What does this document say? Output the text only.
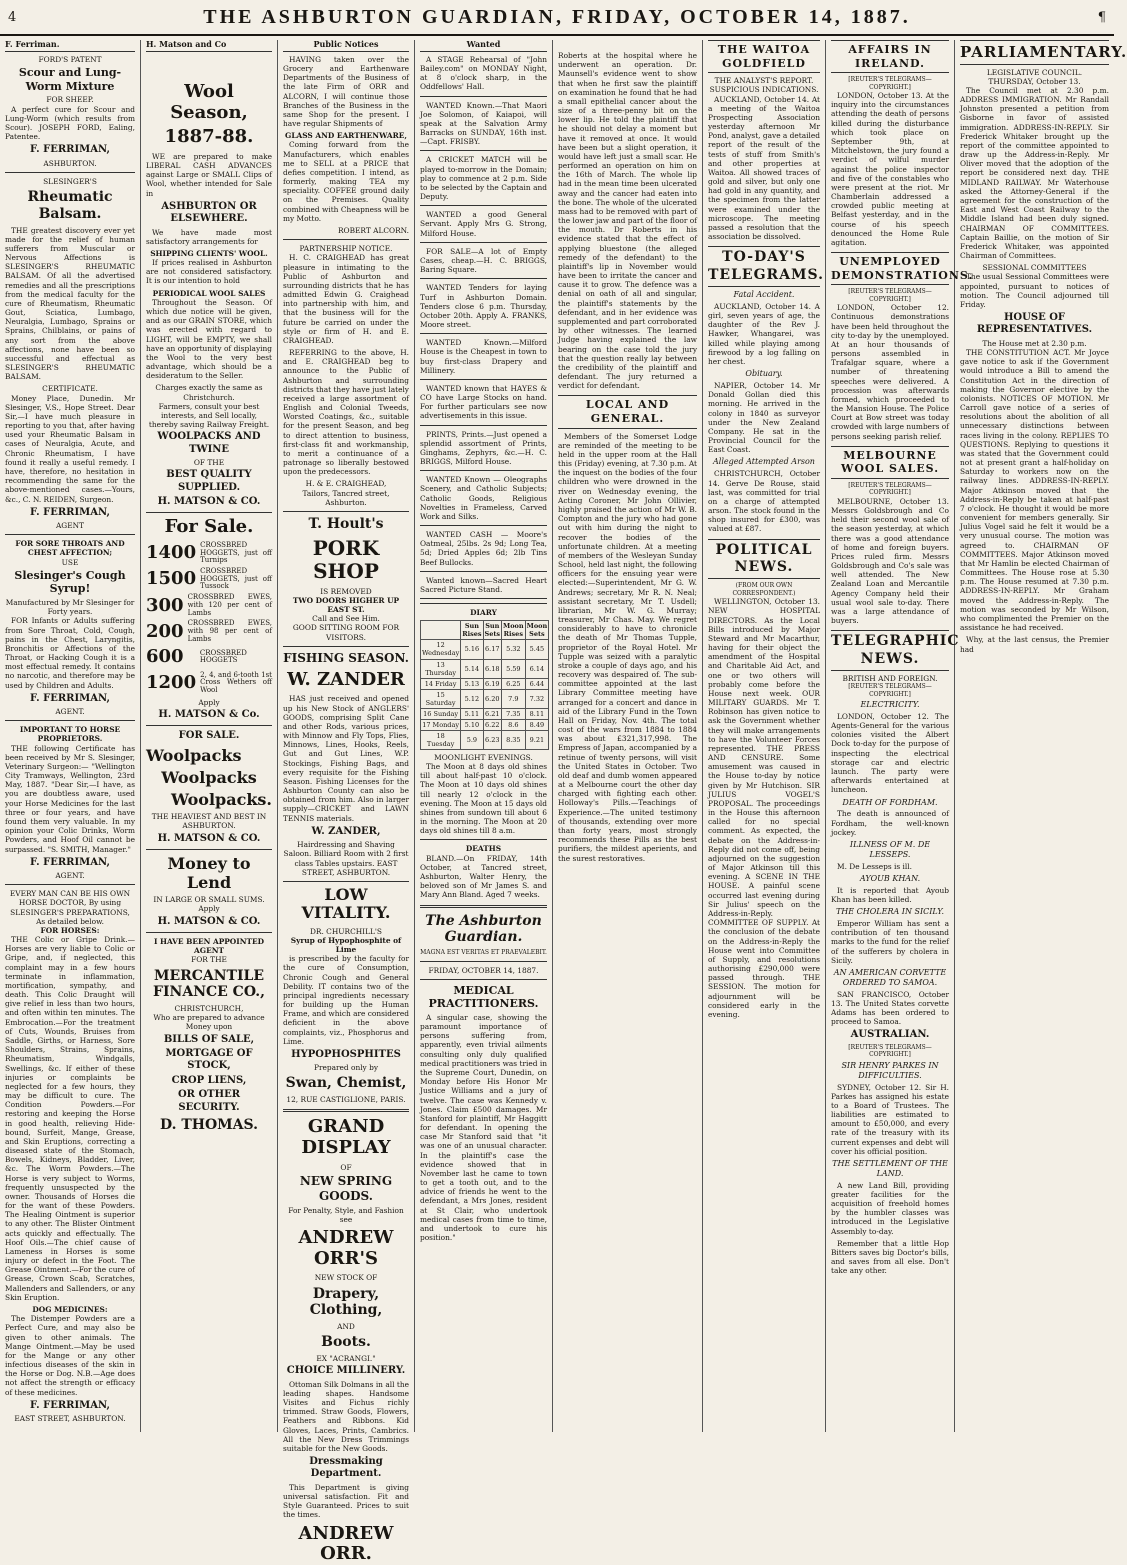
4	THE ASHBURTON GUARDIAN, FRIDAY, OCTOBER 14, 1887.	¶
F. Ferriman.
FORD'S PATENT
Scour and Lung-Worm Mixture
FOR SHEEP.

A perfect cure for Scour and Lung-Worm (which results from Scour). JOSEPH FORD, Ealing, Patentee.

F. FERRIMAN,
ASHBURTON.
SLESINGER'S
Rheumatic Balsam.

THE greatest discovery ever yet made for the relief of human sufferers from Muscular or Nervous Affections is SLESINGER'S RHEUMATIC BALSAM. Of all the advertised remedies and all the prescriptions from the medical faculty for the cure of Rheumatism, Rheumatic Gout, Sciatica, Lumbago, Neuralgia, Lumbago, Sprains or Sprains, Chilblains, or pains of any sort from the above affections, none have been so successful and effectual as SLESINGER'S RHEUMATIC BALSAM.

CERTIFICATE.

Money Place, Dunedin. Mr Slesinger, V.S., Hope Street. Dear Sir,—I have much pleasure in reporting to you that, after having used your Rheumatic Balsam in cases of Neuralgia, Acute, and Chronic Rheumatism, I have found it really a useful remedy. I have, therefore, no hesitation in recommending the same for the above-mentioned cases.—Yours, &c., C. N. REIDEN, Surgeon.

F. FERRIMAN,
AGENT
FOR SORE THROATS AND CHEST AFFECTION;
USE
Slesinger's Cough Syrup!
Manufactured by Mr Slesinger for Forty years.

FOR Infants or Adults suffering from Sore Throat, Cold, Cough, pains in the Chest, Laryngitis, Bronchitis or Affections of the Throat, or Hacking Cough it is a most effectual remedy. It contains no narcotic, and therefore may be used by Children and Adults.

F. FERRIMAN,
AGENT.
IMPORTANT TO HORSE PROPRIETORS.

THE following Certificate has been received by Mr S. Slesinger, Veterinary Surgeon:— "Wellington City Tramways, Wellington, 23rd May, 1887. "Dear Sir,—I have, as you are doubtless aware, used your Horse Medicines for the last three or four years, and have found them very valuable. In my opinion your Colic Drinks, Worm Powders, and Hoof Oil cannot be surpassed. "S. SMITH, Manager."

F. FERRIMAN,
AGENT.
EVERY MAN CAN BE HIS OWN HORSE DOCTOR, By using SLESINGER'S PREPARATIONS, As detailed below.
FOR HORSES:

THE Colic or Gripe Drink.—Horses are very liable to Colic or Gripe, and, if neglected, this complaint may in a few hours terminate in inflammation, mortification, sympathy, and death. This Colic Draught will give relief in less than two hours, and often within ten minutes. The Embrocation.—For the treatment of Cuts, Wounds, Bruises from Saddle, Girths, or Harness, Sore Shoulders, Strains, Sprains, Rheumatism, Windgalls, Swellings, &c. If either of these injuries or complaints be neglected for a few hours, they may be difficult to cure. The Condition Powders.—For restoring and keeping the Horse in good health, relieving Hide-bound, Surfeit, Mange, Grease, and Skin Eruptions, correcting a diseased state of the Stomach, Bowels, Kidneys, Bladder, Liver, &c. The Worm Powders.—The Horse is very subject to Worms, frequently unsuspected by the owner. Thousands of Horses die for the want of these Powders. The Healing Ointment is superior to any other. The Blister Ointment acts quickly and effectually. The Hoof Oils.—The chief cause of Lameness in Horses is some injury or defect in the Foot. The Grease Ointment.—For the cure of Grease, Crown Scab, Scratches, Mallenders and Sallenders, or any Skin Eruption.

DOG MEDICINES:

The Distemper Powders are a Perfect Cure, and may also be given to other animals. The Mange Ointment.—May be used for the Mange or any other infectious diseases of the skin in the Horse or Dog. N.B.—Age does not affect the strength or efficacy of these medicines.

F. FERRIMAN,
EAST STREET, ASHBURTON.
H. Matson and Co
Wool Season,
1887-88.

WE are prepared to make LIBERAL CASH ADVANCES against Large or SMALL Clips of Wool, whether intended for Sale in

ASHBURTON OR ELSEWHERE.

We have made most satisfactory arrangements for

SHIPPING CLIENTS' WOOL.

If prices realised in Ashburton are not considered satisfactory. It is our intention to hold

PERIODICAL WOOL SALES

Throughout the Season. Of which due notice will be given, and as our GRAIN STORE, which was erected with regard to LIGHT, will be EMPTY, we shall have an opportunity of displaying the Wool to the very best advantage, which should be a desideratum to the Seller.

Charges exactly the same as Christchurch.
Farmers, consult your best interests, and Sell locally, thereby saving Railway Freight.
WOOLPACKS AND TWINE
OF THE
BEST QUALITY SUPPLIED.
H. MATSON & CO.
For Sale.
1400 CROSSBRED HOGGETS, just off Turnips
1500 CROSSBRED HOGGETS, just off Tussock
300 CROSSBRED EWES, with 120 per cent of Lambs
200 CROSSBRED EWES, with 98 per cent of Lambs
600	CROSSBRED HOGGETS
1200 2, 4, and 6-tooth 1st Cross Wethers off Wool
Apply
H. MATSON & Co.
FOR SALE.
Woolpacks
Woolpacks
Woolpacks.
THE HEAVIEST AND BEST IN ASHBURTON.
H. MATSON & CO.
Money to Lend
IN LARGE OR SMALL SUMS.
Apply
H. MATSON & CO.
I HAVE BEEN APPOINTED AGENT
FOR THE
MERCANTILE FINANCE CO.,
CHRISTCHURCH,
Who are prepared to advance Money upon
BILLS OF SALE,
MORTGAGE OF STOCK,
CROP LIENS,
OR OTHER SECURITY.
D. THOMAS.
Public Notices

HAVING taken over the Grocery and Earthenware Departments of the Business of the late Firm of ORR and ALCORN, I will continue those Branches of the Business in the same Shop for the present. I have regular Shipments of

GLASS AND EARTHENWARE,

Coming forward from the Manufacturers, which enables me to SELL at a PRICE that defies competition. I intend, as formerly, making TEA my speciality. COFFEE ground daily on the Premises. Quality combined with Cheapness will be my Motto.

ROBERT ALCORN.
PARTNERSHIP NOTICE.

H. C. CRAIGHEAD has great pleasure in intimating to the Public of Ashburton and surrounding districts that he has admitted Edwin G. Craighead into partnership with him, and that the business will for the future be carried on under the style or firm of H. and E. CRAIGHEAD.

REFERRING to the above, H. and E. CRAIGHEAD beg to announce to the Public of Ashburton and surrounding districts that they have just lately received a large assortment of English and Colonial Tweeds, Worsted Coatings, &c., suitable for the present Season, and beg to direct attention to business, first-class fit and workmanship, to merit a continuance of a patronage so liberally bestowed upon the predecessors.

H. & E. CRAIGHEAD,
Tailors, Tancred street, Ashburton.
T. Hoult's
PORK SHOP
IS REMOVED
TWO DOORS HIGHER UP EAST ST.
Call and See Him.
GOOD SITTING ROOM FOR VISITORS.
FISHING SEASON.
W. ZANDER

HAS just received and opened up his New Stock of ANGLERS' GOODS, comprising Split Cane and other Rods, various prices, with Minnow and Fly Tops, Flies, Minnows, Lines, Hooks, Reels, Gut and Gut Lines, W.P. Stockings, Fishing Bags, and every requisite for the Fishing Season. Fishing Licenses for the Ashburton County can also be obtained from him. Also in larger supply—CRICKET and LAWN TENNIS materials.

W. ZANDER,
Hairdressing and Shaving Saloon. Billiard Room with 2 first class Tables upstairs. EAST STREET, ASHBURTON.
LOW VITALITY.
DR. CHURCHILL'S
Syrup of Hypophosphite of Lime

is prescribed by the faculty for the cure of Consumption, Chronic Cough and General Debility. IT contains two of the principal ingredients necessary for building up the Human Frame, and which are considered deficient in the above complaints, viz., Phosphorus and Lime.

HYPOPHOSPHITES
Prepared only by
Swan, Chemist,
12, RUE CASTIGLIONE, PARIS.
GRAND DISPLAY
OF
NEW SPRING GOODS.
For Penalty, Style, and Fashion see
ANDREW ORR'S
NEW STOCK OF
Drapery, Clothing,
AND
Boots.
EX "ACRANGI."
CHOICE MILLINERY.

Ottoman Silk Dolmans in all the leading shapes. Handsome Visites and Fichus richly trimmed. Straw Goods, Flowers, Feathers and Ribbons. Kid Gloves, Laces, Prints, Cambrics. All the New Dress Trimmings suitable for the New Goods.

Dressmaking Department.

This Department is giving universal satisfaction. Fit and Style Guaranteed. Prices to suit the times.

ANDREW ORR.
Wanted

A STAGE Rehearsal of "John Bailey.com" on MONDAY Night, at 8 o'clock sharp, in the Oddfellows' Hall.

WANTED Known.—That Maori Joe Solomon, of Kaiapoi, will speak at the Salvation Army Barracks on SUNDAY, 16th inst.—Capt. FRISBY.

A CRICKET MATCH will be played to-morrow in the Domain; play to commence at 2 p.m. Side to be selected by the Captain and Deputy.

WANTED a good General Servant. Apply Mrs G. Strong, Milford House.

FOR SALE—A lot of Empty Cases, cheap.—H. C. BRIGGS, Baring Square.

WANTED Tenders for laying Turf in Ashburton Domain. Tenders close 6 p.m. Thursday, October 20th. Apply A. FRANKS, Moore street.

WANTED Known.—Milford House is the Cheapest in town to buy first-class Drapery and Millinery.

WANTED known that HAYES & CO have Large Stocks on hand. For further particulars see now advertisements in this issue.

PRINTS, Prints.—Just opened a splendid assortment of Prints, Ginghams, Zephyrs, &c.—H. C. BRIGGS, Milford House.

WANTED Known — Oleographs Scenery, and Catholic Subjects; Catholic Goods, Religious Novelties in Frameless, Carved Work and Silks.

WANTED CASH — Moore's Oatmeal, 25lbs. 2s 9d; Long Tea, 5d; Dried Apples 6d; 2lb Tins Beef Bullocks.

Wanted known—Sacred Heart Sacred Picture Stand.

DIARY
	Sun Rises	Sun Sets	Moon Rises	Moon Sets
12 Wednesday	5.16	6.17	5.32	5.45
13 Thursday	5.14	6.18	5.59	6.14
14 Friday	5.13	6.19	6.25	6.44
15 Saturday	5.12	6.20	7.9	7.32
16 Sunday	5.11	6.21	7.35	8.11
17 Monday	5.10	6.22	8.6	8.49
18 Tuesday	5.9	6.23	8.35	9.21
MOONLIGHT EVENINGS.

The Moon at 8 days old shines till about half-past 10 o'clock. The Moon at 10 days old shines till nearly 12 o'clock in the evening. The Moon at 15 days old shines from sundown till about 6 in the morning. The Moon at 20 days old shines till 8 a.m.

DEATHS

BLAND.—On FRIDAY, 14th October, at Tancred street, Ashburton, Walter Henry, the beloved son of Mr James S. and Mary Ann Bland. Aged 7 weeks.

The Ashburton Guardian.
MAGNA EST VERITAS ET PRAEVALEBIT.
FRIDAY, OCTOBER 14, 1887.
MEDICAL PRACTITIONERS.

A singular case, showing the paramount importance of persons suffering from, apparently, even trivial ailments consulting only duly qualified medical practitioners was tried in the Supreme Court, Dunedin, on Monday before His Honor Mr Justice Williams and a jury of twelve. The case was Kennedy v. Jones. Claim £500 damages. Mr Stanford for plaintiff, Mr Haggitt for defendant. In opening the case Mr Stanford said that "it was one of an unusual character. In the plaintiff's case the evidence showed that in November last he came to town to get a tooth out, and to the advice of friends he went to the defendant, a Mrs Jones, resident at St Clair, who undertook medical cases from time to time, and undertook to cure his position."

Roberts at the hospital where he underwent an operation. Dr. Maunsell's evidence went to show that when he first saw the plaintiff on examination he found that he had a small epithelial cancer about the size of a three-penny bit on the lower lip. He told the plaintiff that he should not delay a moment but have it removed at once. It would have been but a slight operation, it would have left just a small scar. He performed an operation on him on the 16th of March. The whole lip had in the mean time been ulcerated away and the cancer had eaten into the bone. The whole of the ulcerated mass had to be removed with part of the lower jaw and part of the floor of the mouth. Dr Roberts in his evidence stated that the effect of applying bluestone (the alleged remedy of the defendant) to the plaintiff's lip in November would have been to irritate the cancer and cause it to grow. The defence was a denial on oath of all and singular, the plaintiff's statements by the defendant, and in her evidence was supplemented and part corroborated by other witnesses. The learned Judge having explained the law bearing on the case told the jury that the question really lay between the credibility of the plaintiff and defendant. The jury returned a verdict for defendant.

LOCAL AND GENERAL.

Members of the Somerset Lodge are reminded of the meeting to be held in the upper room at the Hall this (Friday) evening, at 7.30 p.m. At the inquest on the bodies of the four children who were drowned in the river on Wednesday evening, the Acting Coroner, Mr John Ollivier, highly praised the action of Mr W. B. Compton and the jury who had gone out with him during the night to recover the bodies of the unfortunate children. At a meeting of members of the Wesleyan Sunday School, held last night, the following officers for the ensuing year were elected:—Superintendent, Mr G. W. Andrews; secretary, Mr R. N. Neal; assistant secretary, Mr T. Usdell; librarian, Mr W. G. Murray; treasurer, Mr Chas. May. We regret considerably to have to chronicle the death of Mr Thomas Tupple, proprietor of the Royal Hotel. Mr Tupple was seized with a paralytic stroke a couple of days ago, and his recovery was despaired of. The sub-committee appointed at the last Library Committee meeting have arranged for a concert and dance in aid of the Library Fund in the Town Hall on Friday, Nov. 4th. The total cost of the wars from 1884 to 1884 was about £321,317,998. The Empress of Japan, accompanied by a retinue of twenty persons, will visit the United States in October. Two old deaf and dumb women appeared at a Melbourne court the other day charged with fighting each other. Holloway's Pills.—Teachings of Experience.—The united testimony of thousands, extending over more than forty years, most strongly recommends these Pills as the best purifiers, the mildest aperients, and the surest restoratives.

THE WAITOA GOLDFIELD
THE ANALYST'S REPORT.
SUSPICIOUS INDICATIONS.

AUCKLAND, October 14. At a meeting of the Waitoa Prospecting Association yesterday afternoon Mr Pond, analyst, gave a detailed report of the result of the tests of stuff from Smith's and other properties at Waitoa. All showed traces of gold and silver, but only one had gold in any quantity, and the specimen from the latter were examined under the microscope. The meeting passed a resolution that the association be dissolved.

TO-DAY'S TELEGRAMS.
Fatal Accident.

AUCKLAND, October 14. A girl, seven years of age, the daughter of the Rev J. Hawker, Whangarei, was killed while playing among firewood by a log falling on her chest.

Obituary.

NAPIER, October 14. Mr Donald Gollan died this morning. He arrived in the colony in 1840 as surveyor under the New Zealand Company. He sat in the Provincial Council for the East Coast.

Alleged Attempted Arson

CHRISTCHURCH, October 14. Gerve De Rouse, staid last, was committed for trial on a charge of attempted arson. The stock found in the shop insured for £300, was valued at £87.

POLITICAL NEWS.
(FROM OUR OWN CORRESPONDENT.)

WELLINGTON, October 13. NEW HOSPITAL DIRECTORS. As the Local Bills introduced by Major Steward and Mr Macarthur, having for their object the amendment of the Hospital and Charitable Aid Act, and one or two others will probably come before the House next week. OUR MILITARY GUARDS. Mr T. Robinson has given notice to ask the Government whether they will make arrangements to have the Volunteer Forces represented. THE PRESS AND CENSURE. Some amusement was caused in the House to-day by notice given by Mr Hutchison. SIR JULIUS VOGEL'S PROPOSAL. The proceedings in the House this afternoon called for no special comment. As expected, the debate on the Address-in-Reply did not come off, being adjourned on the suggestion of Major Atkinson till this evening. A SCENE IN THE HOUSE. A painful scene occurred last evening during Sir Julius' speech on the Address-in-Reply. COMMITTEE OF SUPPLY. At the conclusion of the debate on the Address-in-Reply the House went into Committee of Supply, and resolutions authorising £290,000 were passed through. THE SESSION. The motion for adjournment will be considered early in the evening.

AFFAIRS IN IRELAND.
[REUTER'S TELEGRAMS—COPYRIGHT.]

LONDON, October 13. At the inquiry into the circumstances attending the death of persons killed during the disturbance which took place on September 9th, at Mitchelstown, the jury found a verdict of wilful murder against the police inspector and five of the constables who were present at the riot. Mr Chamberlain addressed a crowded public meeting at Belfast yesterday, and in the course of his speech denounced the Home Rule agitation.

UNEMPLOYED DEMONSTRATIONS.
[REUTER'S TELEGRAMS—COPYRIGHT.]

LONDON, October 12. Continuous demonstrations have been held throughout the city to-day by the unemployed. At an hour thousands of persons assembled in Trafalgar square, where a number of threatening speeches were delivered. A procession was afterwards formed, which proceeded to the Mansion House. The Police Court at Bow street was today crowded with large numbers of persons seeking parish relief.

MELBOURNE WOOL SALES.
[REUTER'S TELEGRAMS—COPYRIGHT.]

MELBOURNE, October 13. Messrs Goldsbrough and Co held their second wool sale of the season yesterday, at which there was a good attendance of home and foreign buyers. Prices ruled firm. Messrs Goldsbrough and Co's sale was well attended. The New Zealand Loan and Mercantile Agency Company held their usual wool sale to-day. There was a large attendance of buyers.

TELEGRAPHIC NEWS.
BRITISH AND FOREIGN.
[REUTER'S TELEGRAMS—COPYRIGHT.]
ELECTRICITY.

LONDON, October 12. The Agents-General for the various colonies visited the Albert Dock to-day for the purpose of inspecting the electrical storage car and electric launch. The party were afterwards entertained at luncheon.

DEATH OF FORDHAM.

The death is announced of Fordham, the well-known jockey.

ILLNESS OF M. DE LESSEPS.

M. De Lesseps is ill.

AYOUB KHAN.

It is reported that Ayoub Khan has been killed.

THE CHOLERA IN SICILY.

Emperor William has sent a contribution of ten thousand marks to the fund for the relief of the sufferers by cholera in Sicily.

AN AMERICAN CORVETTE ORDERED TO SAMOA.

SAN FRANCISCO, October 13. The United States corvette Adams has been ordered to proceed to Samoa.

AUSTRALIAN.
[REUTER'S TELEGRAMS—COPYRIGHT.]
SIR HENRY PARKES IN DIFFICULTIES.

SYDNEY, October 12. Sir H. Parkes has assigned his estate to a Board of Trustees. The liabilities are estimated to amount to £50,000, and every rate of the treasury with its current expenses and debt will cover his official position.

THE SETTLEMENT OF THE LAND.

A new Land Bill, providing greater facilities for the acquisition of freehold homes by the humbler classes was introduced in the Legislative Assembly to-day.

Remember that a little Hop Bitters saves big Doctor's bills, and saves from all else. Don't take any other.

PARLIAMENTARY.
LEGISLATIVE COUNCIL.
THURSDAY, October 13.

The Council met at 2.30 p.m. ADDRESS IMMIGRATION. Mr Randall Johnston presented a petition from Gisborne in favor of assisted immigration. ADDRESS-IN-REPLY. Sir Frederick Whitaker brought up the report of the committee appointed to draw up the Address-in-Reply. Mr Oliver moved that the adoption of the report be considered next day. THE MIDLAND RAILWAY. Mr Waterhouse asked the Attorney-General if the agreement for the construction of the East and West Coast Railway to the Middle Island had been duly signed. CHAIRMAN OF COMMITTEES. Captain Baillie, on the motion of Sir Frederick Whitaker, was appointed Chairman of Committees.

SESSIONAL COMMITTEES

The usual Sessional Committees were appointed, pursuant to notices of motion. The Council adjourned till Friday.

HOUSE OF REPRESENTATIVES.
The House met at 2.30 p.m.

THE CONSTITUTION ACT. Mr Joyce gave notice to ask if the Government would introduce a Bill to amend the Constitution Act in the direction of making the Governor elective by the colonists. NOTICES OF MOTION. Mr Carroll gave notice of a series of resolutions about the abolition of all unnecessary distinctions between races living in the colony. REPLIES TO QUESTIONS. Replying to questions it was stated that the Government could not at present grant a half-holiday on Saturday to workers now on the railway lines. ADDRESS-IN-REPLY. Major Atkinson moved that the Address-in-Reply be taken at half-past 7 o'clock. He thought it would be more convenient for members generally. Sir Julius Vogel said he felt it would be a very unusual course. The motion was agreed to. CHAIRMAN OF COMMITTEES. Major Atkinson moved that Mr Hamlin be elected Chairman of Committees. The House rose at 5.30 p.m. The House resumed at 7.30 p.m. ADDRESS-IN-REPLY. Mr Graham moved the Address-in-Reply. The motion was seconded by Mr Wilson, who complimented the Premier on the assistance he had received.

Why, at the last census, the Premier had
